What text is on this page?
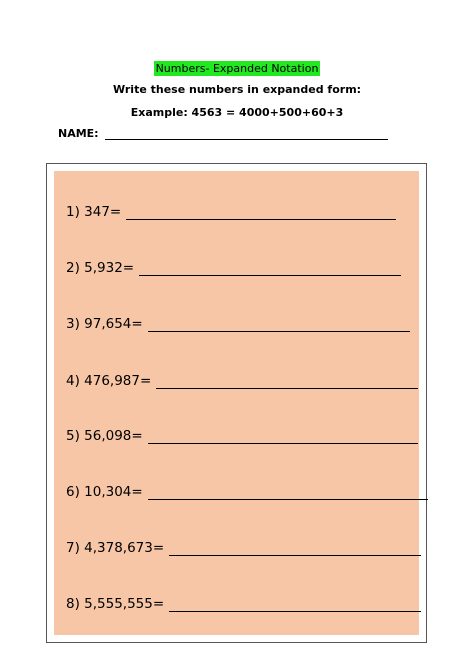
Numbers- Expanded Notation
Write these numbers in expanded form:
Example: 4563 = 4000+500+60+3
NAME:
1) 347=
2) 5,932=
3) 97,654=
4) 476,987=
5) 56,098=
6) 10,304=
7) 4,378,673=
8) 5,555,555=
